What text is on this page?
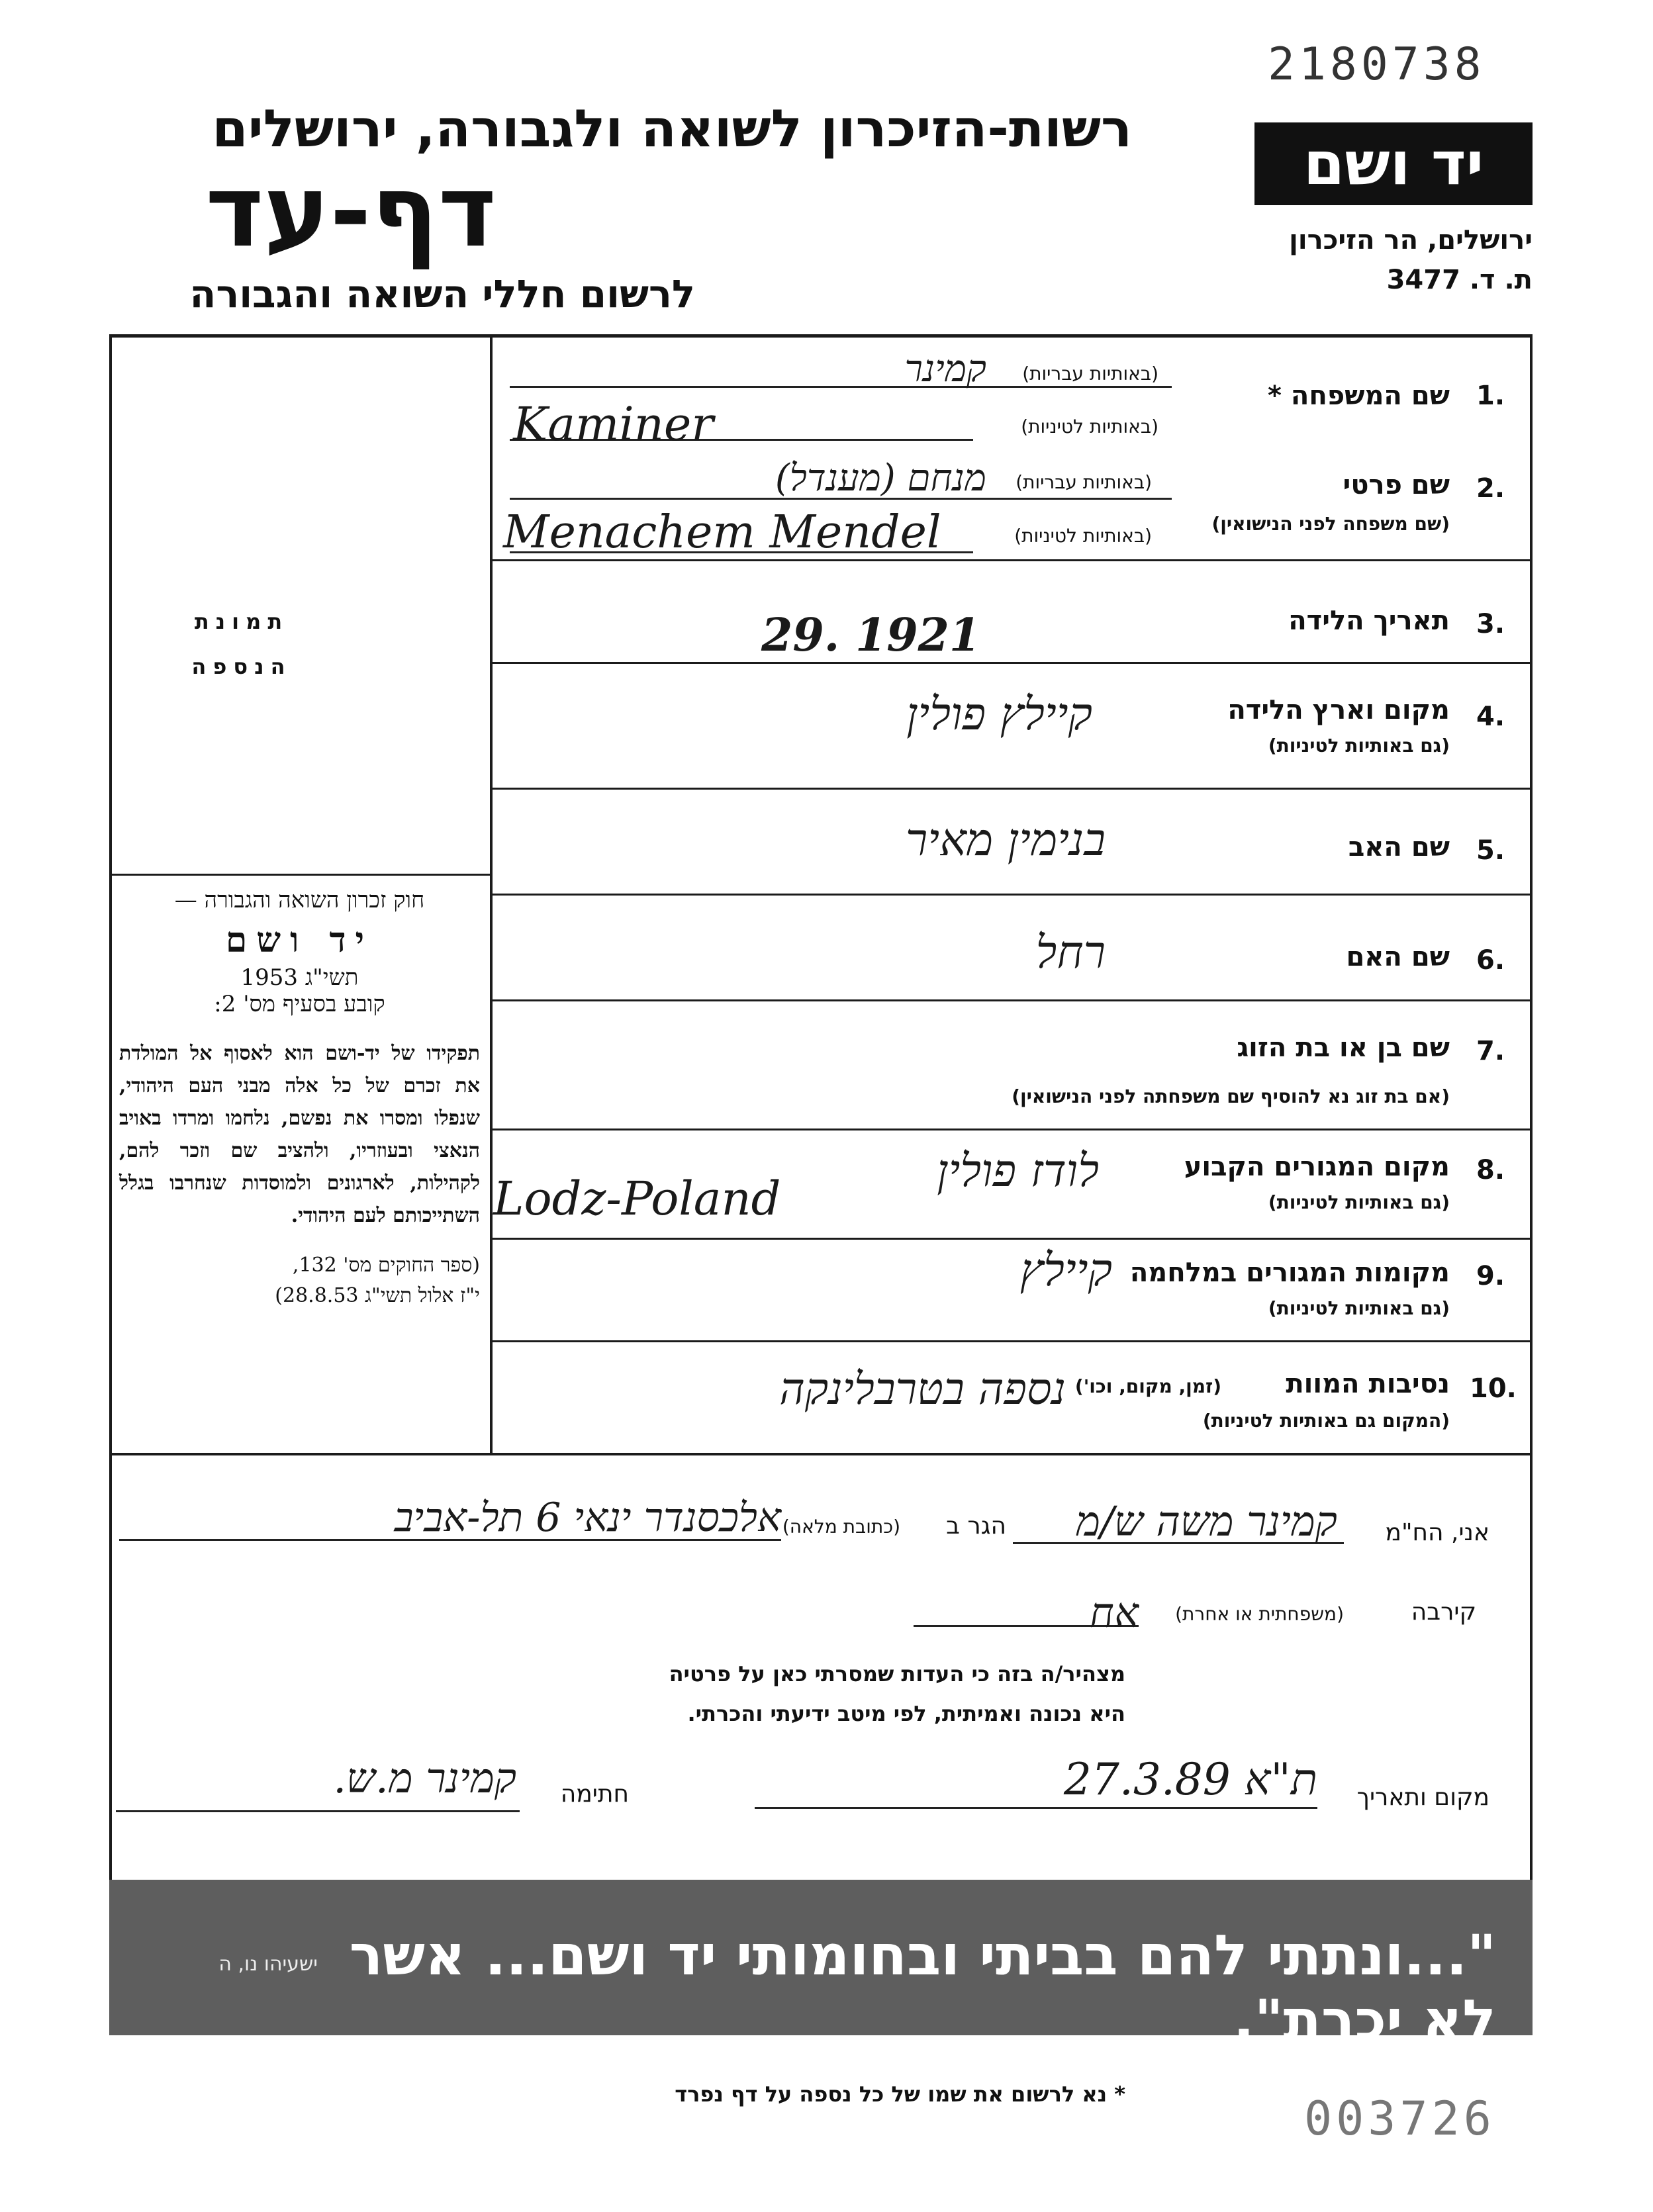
2180738
רשות-הזיכרון לשואה ולגבורה, ירושלים
דף-עד
לרשום חללי השואה והגבורה
יד ושם
ירושלים, הר הזיכרון
ת. ד. 3477
תמונת
הנספה
חוק זכרון השואה והגבורה —
יד ושם
תשי"ג 1953
קובע בסעיף מס' 2:
תפקידו של יד-ושם הוא לאסוף אל המולדת את זכרם של כל אלה מבני העם היהודי, שנפלו ומסרו את נפשם, נלחמו ומרדו באויב הנאצי ובעוזריו, ולהציב שם וזכר להם, לקהילות, לארגונים ולמוסדות שנחרבו בגלל השתייכותם לעם היהודי.
(ספר החוקים מס' 132,
י"ז אלול תשי"ג 28.8.53)
1.
שם המשפחה *
(באותיות עבריות)
(באותיות לטיניות)
קמינר
Kaminer
2.
שם פרטי
(שם משפחה לפני הנישואין)
(באותיות עבריות)
(באותיות לטיניות)
מנחם (מענדל)
Menachem Mendel
3.
תאריך הלידה
29. 1921
4.
מקום וארץ הלידה
(גם באותיות לטיניות)
קיילץ פולין
5.
שם האב
בנימין מאיר
6.
שם האם
רחל
7.
שם בן או בת הזוג
(אם בת זוג נא להוסיף שם משפחתה לפני הנישואין)
8.
מקום המגורים הקבוע
(גם באותיות לטיניות)
לודז פולין
Lodz-Poland
9.
מקומות המגורים במלחמה
(גם באותיות לטיניות)
קיילץ
10.
נסיבות המוות
(זמן, מקום, וכו')
(המקום גם באותיות לטיניות)
נספה בטרבלינקה
אני, הח"מ
קמינר משה ש/מ
הגר ב
(כתובת מלאה)
אלכסנדר ינאי 6 תל-אביב
קירבה
(משפחתית או אחרת)
אח
מצהיר/ה בזה כי העדות שמסרתי כאן על פרטיה
היא נכונה ואמיתית, לפי מיטב ידיעתי והכרתי.
חתימה
קמינר מ.ש.	מקום ותאריך
ת"א 27.3.89
ישעיהו נו, ה "...ונתתי להם בביתי ובחומותי יד ושם... אשר לא יכרת".
* נא לרשום את שמו של כל נספה על דף נפרד	003726
